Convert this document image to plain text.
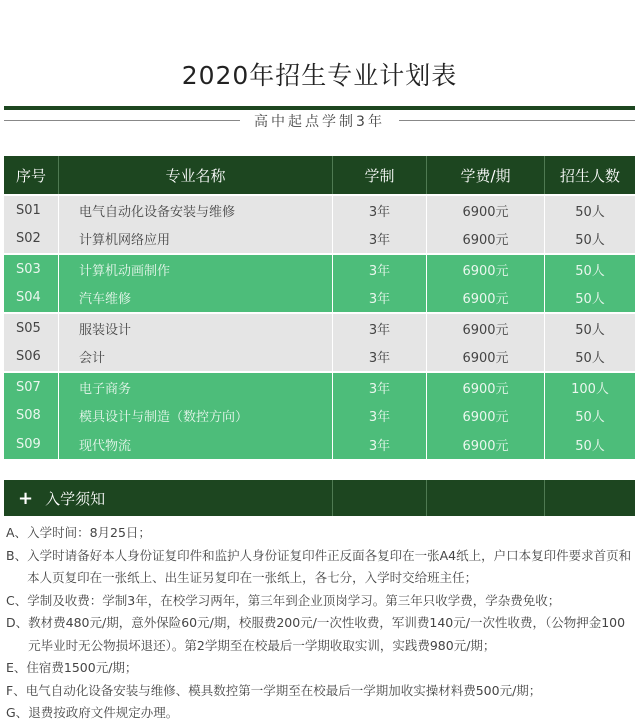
2020年招生专业计划表
高中起点学制3年
序号	专业名称	学制	学费/期	招生人数
S01	电气自动化设备安装与维修	3年	6900元	50人
S02	计算机网络应用	3年	6900元	50人
S03	计算机动画制作	3年	6900元	50人
S04	汽车维修	3年	6900元	50人
S05	服装设计	3年	6900元	50人
S06	会计	3年	6900元	50人
S07	电子商务	3年	6900元	100人
S08	模具设计与制造（数控方向）	3年	6900元	50人
S09	现代物流	3年	6900元	50人
+ 入学须知
A、 入学时间：8月25日；
B、 入学时请备好本人身份证复印件和监护人身份证复印件正反面各复印在一张A4纸上，户口本复印件要求首页和本人页复印在一张纸上、出生证另复印在一张纸上，各七分，入学时交给班主任；
C、 学制及收费：学制3年，在校学习两年，第三年到企业顶岗学习。第三年只收学费，学杂费免收；
D、 教材费480元/期，意外保险60元/期，校服费200元/一次性收费，军训费140元/一次性收费，（公物押金100元毕业时无公物损坏退还）。第2学期至在校最后一学期收取实训，实践费980元/期；
E、 住宿费1500元/期；
F、 电气自动化设备安装与维修、模具数控第一学期至在校最后一学期加收实操材料费500元/期；
G、 退费按政府文件规定办理。
